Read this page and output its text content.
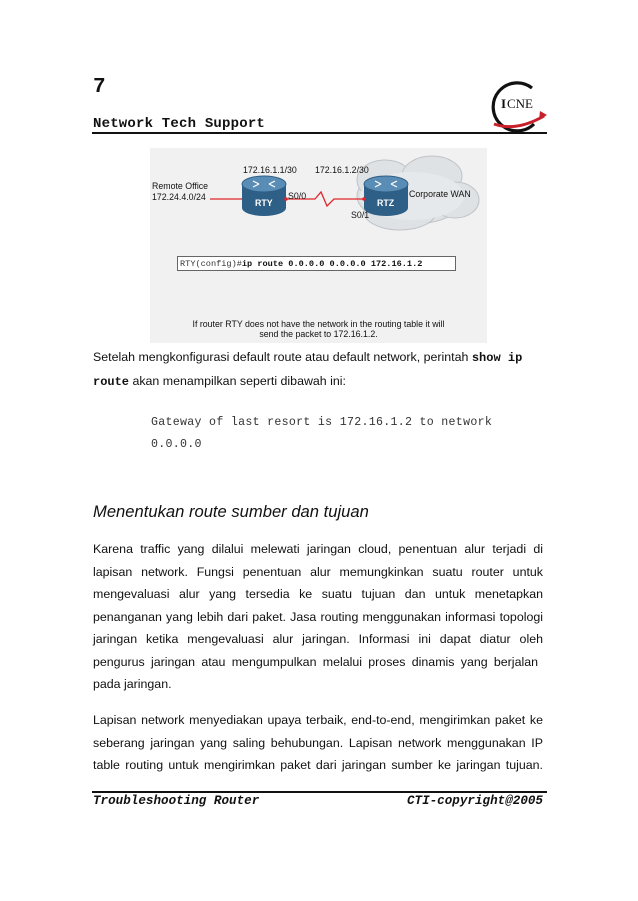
7
Network Tech Support
I CNE
Remote Office
172.24.4.0/24
172.16.1.1/30 172.16.1.2/30
RTY	RTZ
S0/0
S0/1
Corporate WAN
RTY(config)#ip route 0.0.0.0 0.0.0.0 172.16.1.2
If router RTY does not have the network in the routing table it will
send the packet to 172.16.1.2.
Setelah mengkonfigurasi default route atau default network, perintah show ip
route akan menampilkan seperti dibawah ini:
Gateway of last resort is 172.16.1.2 to network
0.0.0.0
Menentukan route sumber dan tujuan
Karena traffic yang dilalui melewati jaringan cloud, penentuan alur terjadi di
lapisan network. Fungsi penentuan alur memungkinkan suatu router untuk
mengevaluasi alur yang tersedia ke suatu tujuan dan untuk menetapkan
penanganan yang lebih dari paket. Jasa routing menggunakan informasi topologi
jaringan ketika mengevaluasi alur jaringan. Informasi ini dapat diatur oleh
pengurus jaringan atau mengumpulkan melalui proses dinamis yang berjalan
pada jaringan.
Lapisan network menyediakan upaya terbaik, end-to-end, mengirimkan paket ke
seberang jaringan yang saling behubungan. Lapisan network menggunakan IP
table routing untuk mengirimkan paket dari jaringan sumber ke jaringan tujuan.
Troubleshooting Router	CTI-copyright@2005
